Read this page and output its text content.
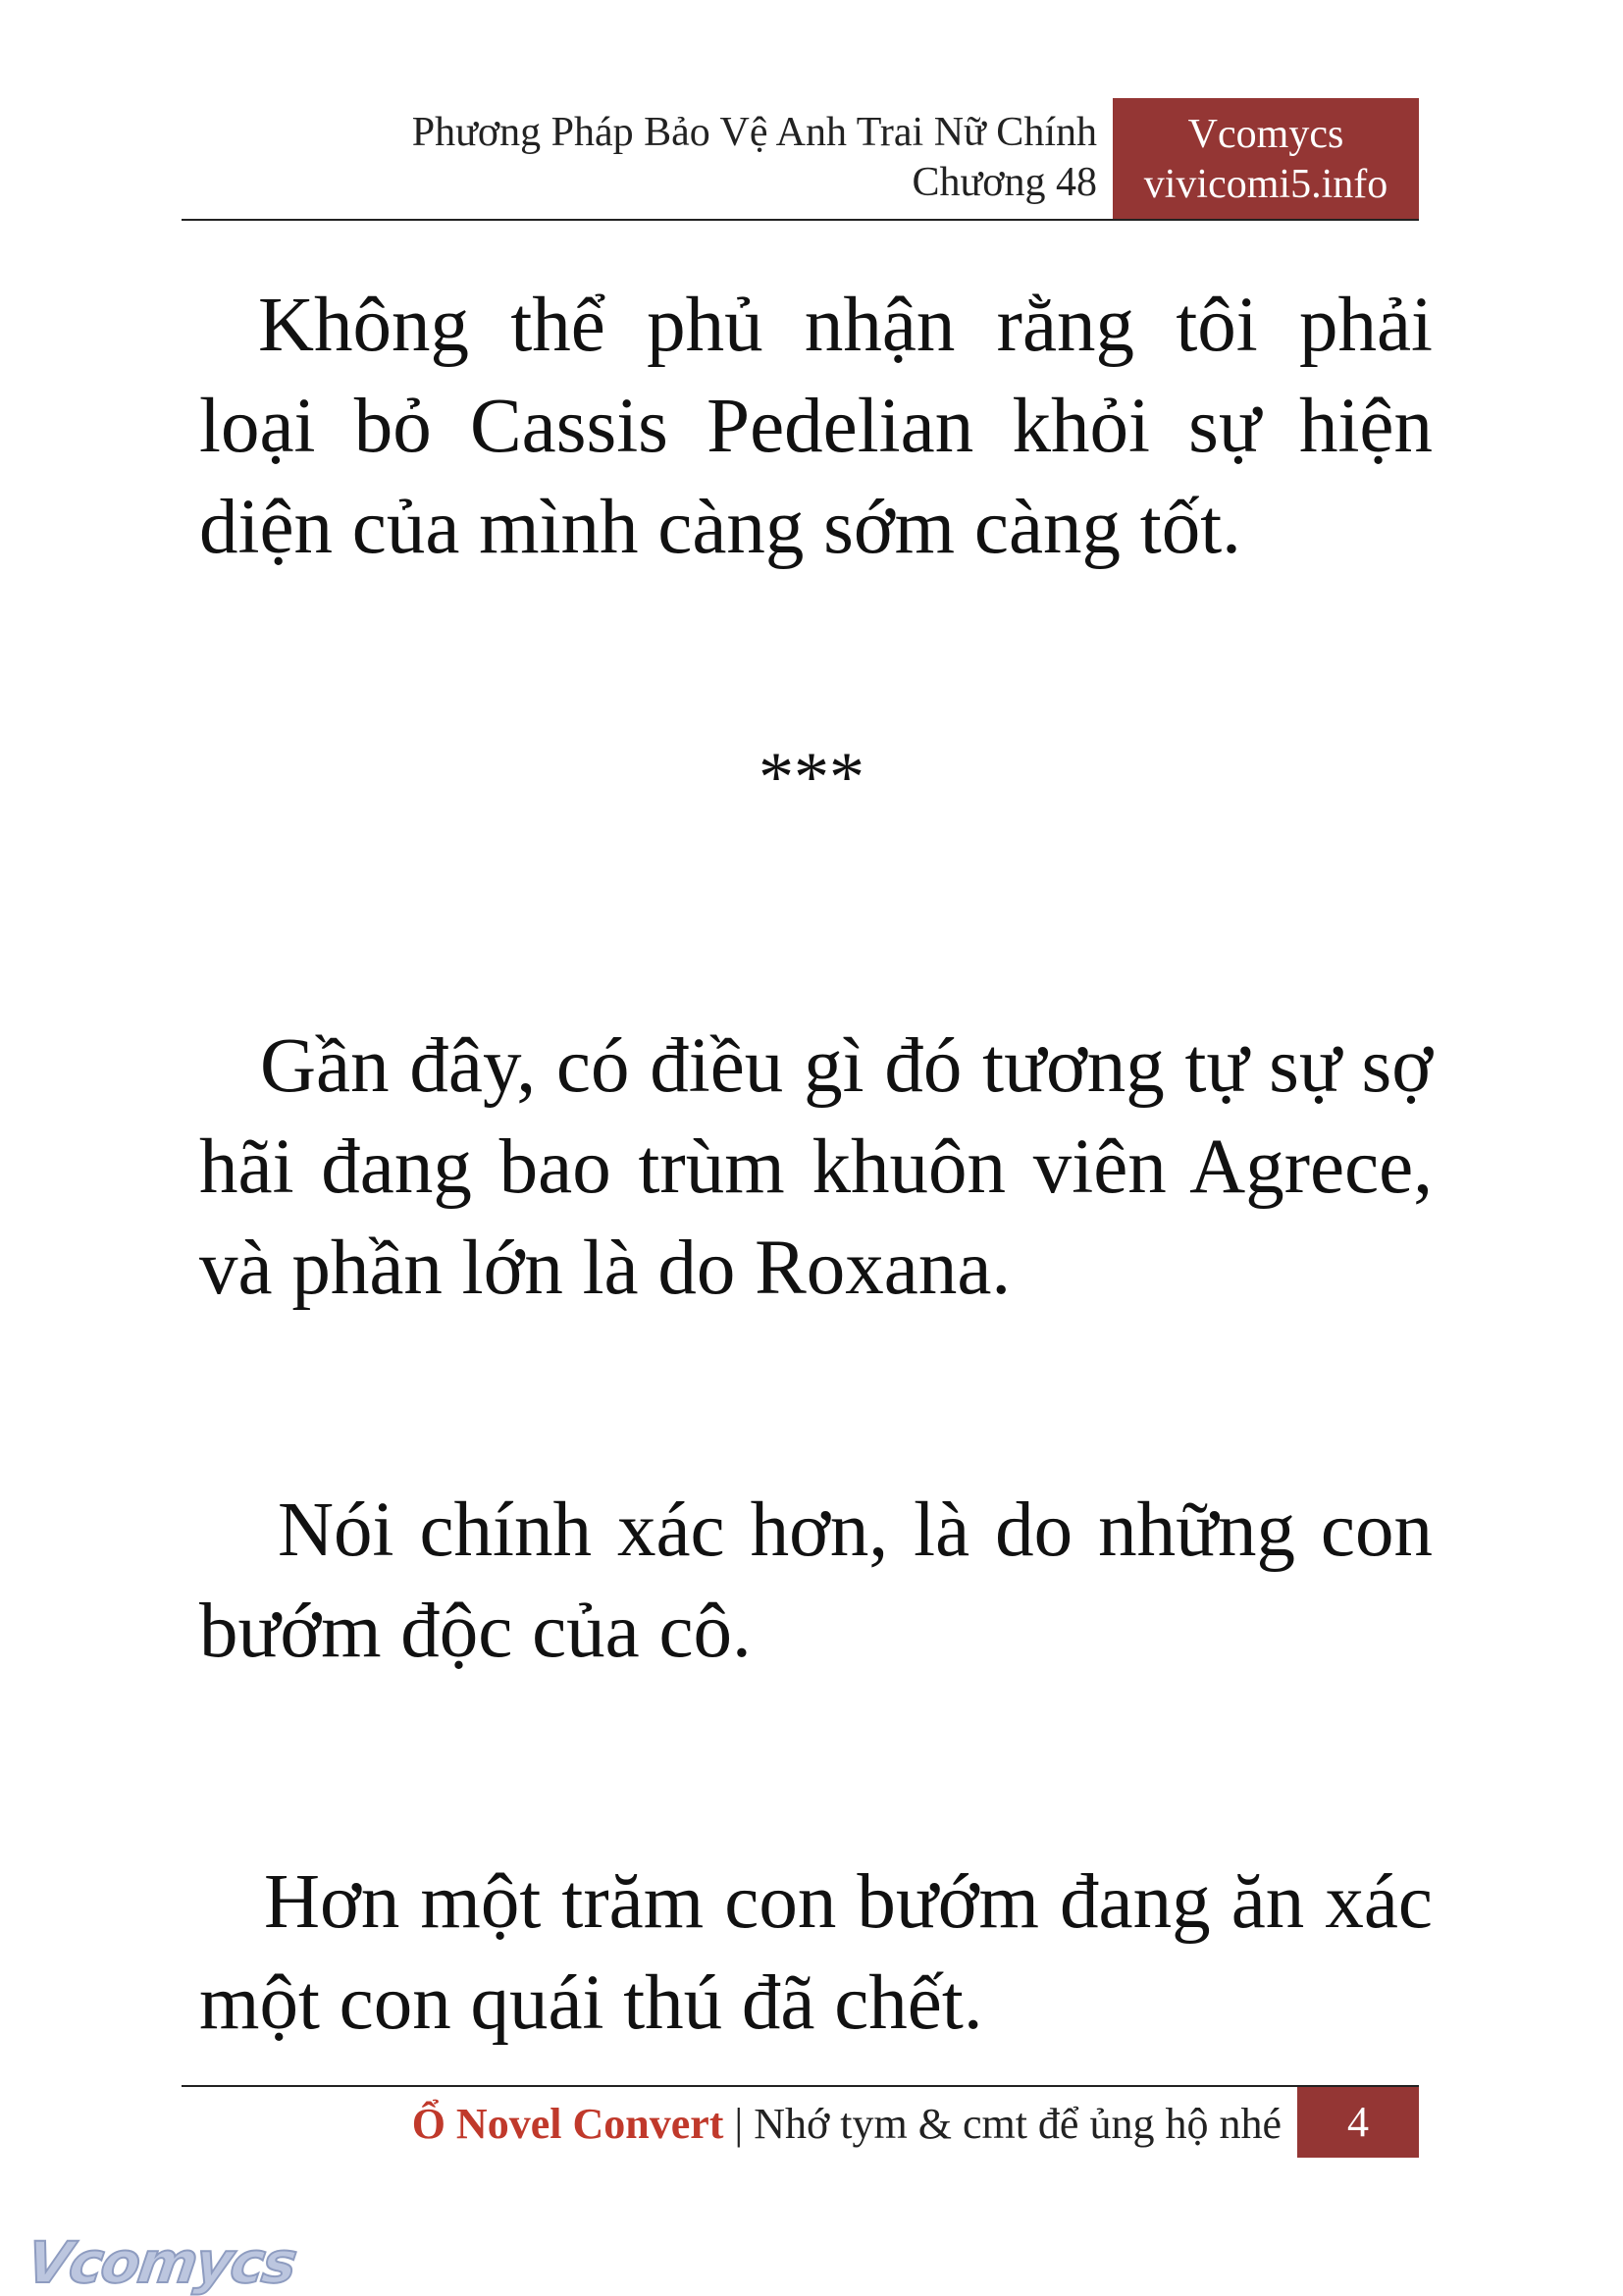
Phương Pháp Bảo Vệ Anh Trai Nữ Chính
Chương 48
Vcomycs
vivicomi5.info

Không thể phủ nhận rằng tôi phải loại bỏ Cassis Pedelian khỏi sự hiện diện của mình càng sớm càng tốt.

***

Gần đây, có điều gì đó tương tự sự sợ hãi đang bao trùm khuôn viên Agrece, và phần lớn là do Roxana.

Nói chính xác hơn, là do những con bướm độc của cô.

Hơn một trăm con bướm đang ăn xác một con quái thú đã chết.

Ổ Novel Convert | Nhớ tym & cmt để ủng hộ nhé	4
Vcomycs
